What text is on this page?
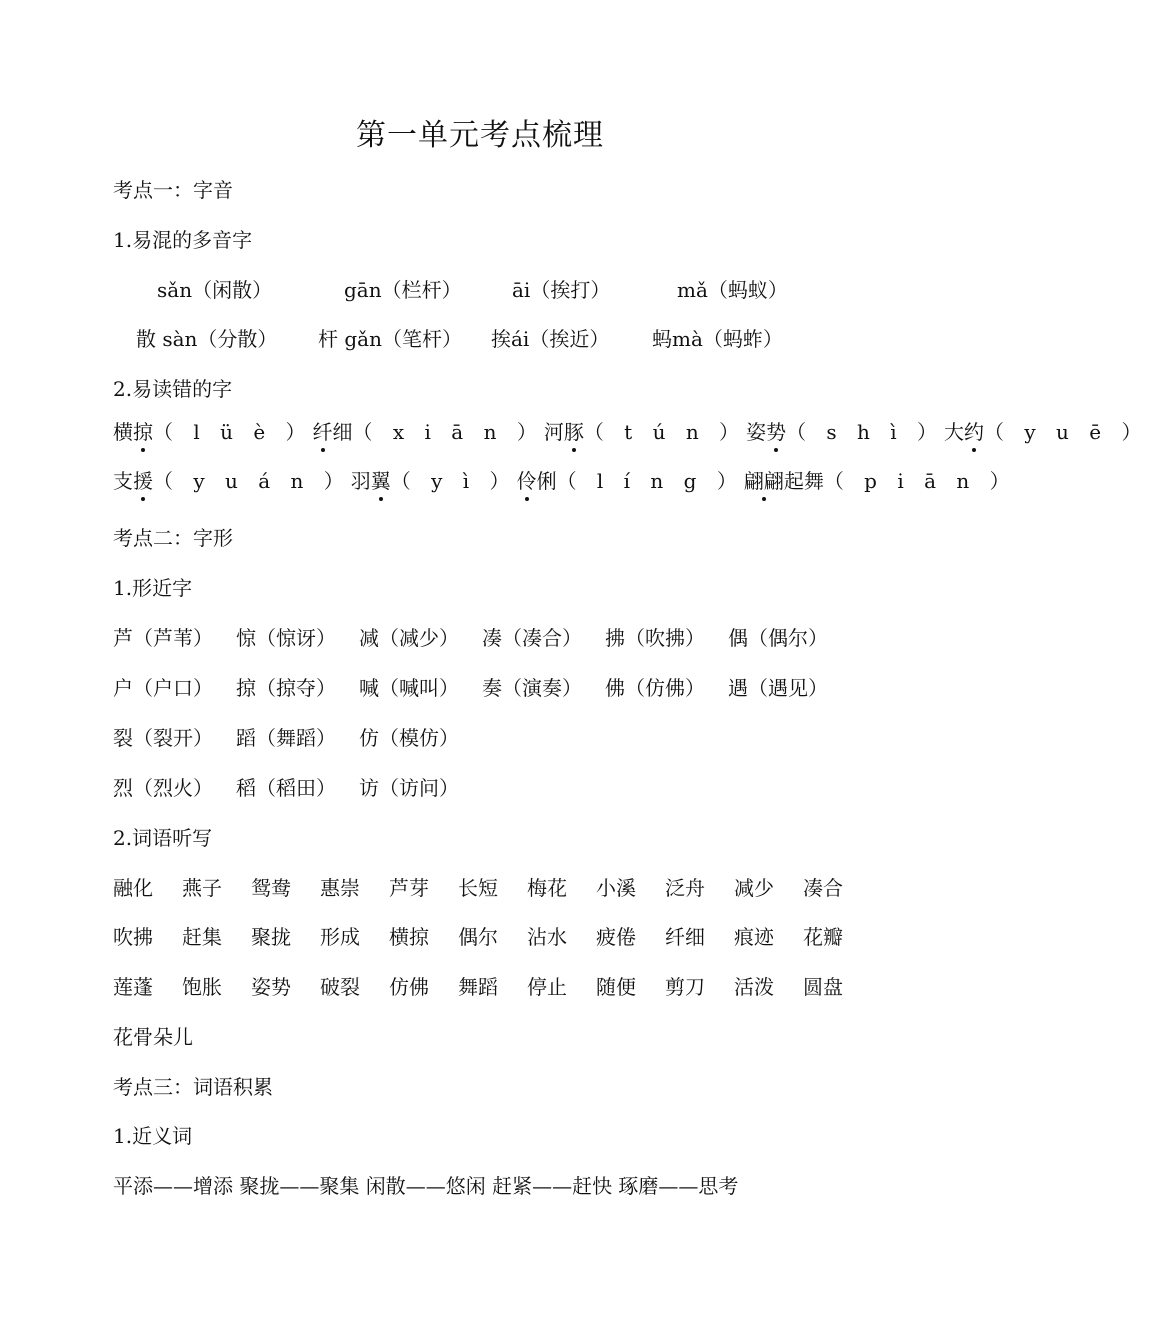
第一单元考点梳理
考点一：字音
1.易混的多音字
sǎn（闲散）	gān（栏杆）	āi（挨打）	mǎ（蚂蚁）
散 sàn（分散） 杆 gǎn（笔杆） 挨ái（挨近） 蚂mà（蚂蚱）
2.易读错的字
横掠（ l ü è ）纤细（ x i ā n ）河豚（ t ú n ）姿势（ s h ì ）大约（ y u ē ）
支援（ y u á n ）羽翼（ y ì ）伶俐（ l í n g ）翩翩起舞（ p i ā n ）
考点二：字形
1.形近字
芦（芦苇） 惊（惊讶） 减（减少） 凑（凑合） 拂（吹拂） 偶（偶尔）
户（户口） 掠（掠夺） 喊（喊叫） 奏（演奏） 佛（仿佛） 遇（遇见）
裂（裂开） 蹈（舞蹈） 仿（模仿）
烈（烈火） 稻（稻田） 访（访问）
2.词语听写
融化 燕子 鸳鸯 惠崇 芦芽 长短 梅花 小溪 泛舟 减少 凑合
吹拂 赶集 聚拢 形成 横掠 偶尔 沾水 疲倦 纤细 痕迹 花瓣
莲蓬 饱胀 姿势 破裂 仿佛 舞蹈 停止 随便 剪刀 活泼 圆盘
花骨朵儿
考点三：词语积累
1.近义词
平添——增添 聚拢——聚集 闲散——悠闲 赶紧——赶快 琢磨——思考
